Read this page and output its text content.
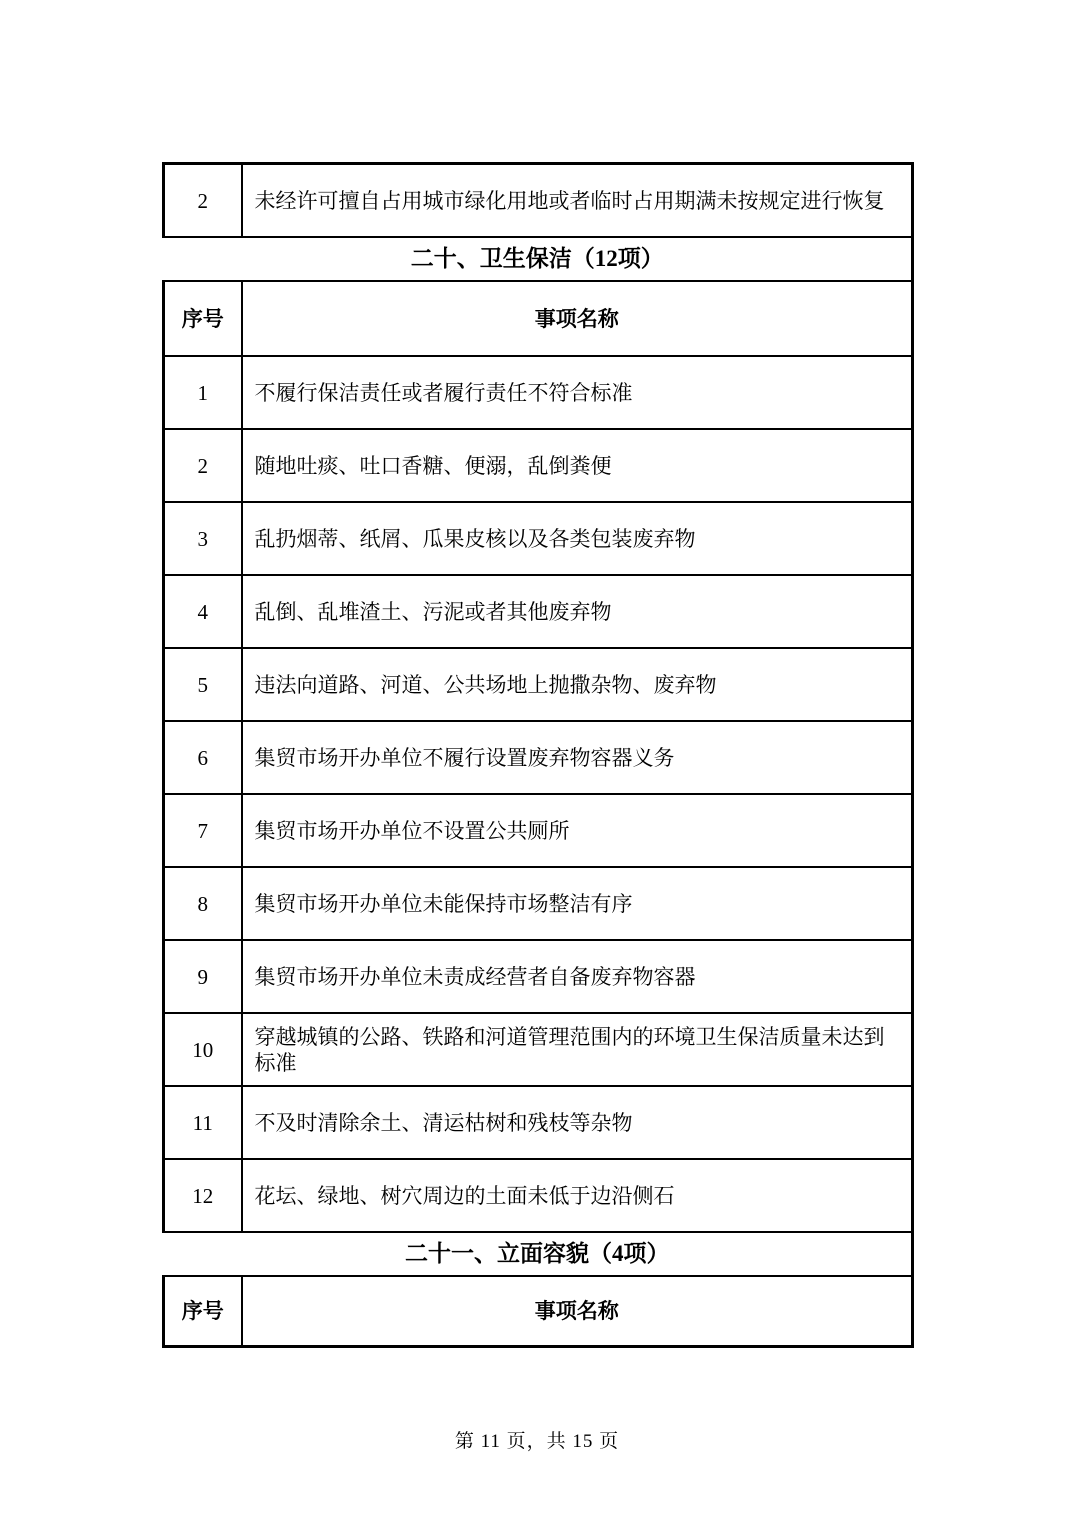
2	未经许可擅自占用城市绿化用地或者临时占用期满未按规定进行恢复
二十、卫生保洁（12项）	
序号	事项名称
1	不履行保洁责任或者履行责任不符合标准
2	随地吐痰、吐口香糖、便溺，乱倒粪便
3	乱扔烟蒂、纸屑、瓜果皮核以及各类包装废弃物
4	乱倒、乱堆渣土、污泥或者其他废弃物
5	违法向道路、河道、公共场地上抛撒杂物、废弃物
6	集贸市场开办单位不履行设置废弃物容器义务
7	集贸市场开办单位不设置公共厕所
8	集贸市场开办单位未能保持市场整洁有序
9	集贸市场开办单位未责成经营者自备废弃物容器
10	穿越城镇的公路、铁路和河道管理范围内的环境卫生保洁质量未达到标准
11	不及时清除余土、清运枯树和残枝等杂物
12	花坛、绿地、树穴周边的土面未低于边沿侧石
二十一、立面容貌（4项）	
序号	事项名称
第 11 页，共 15 页
